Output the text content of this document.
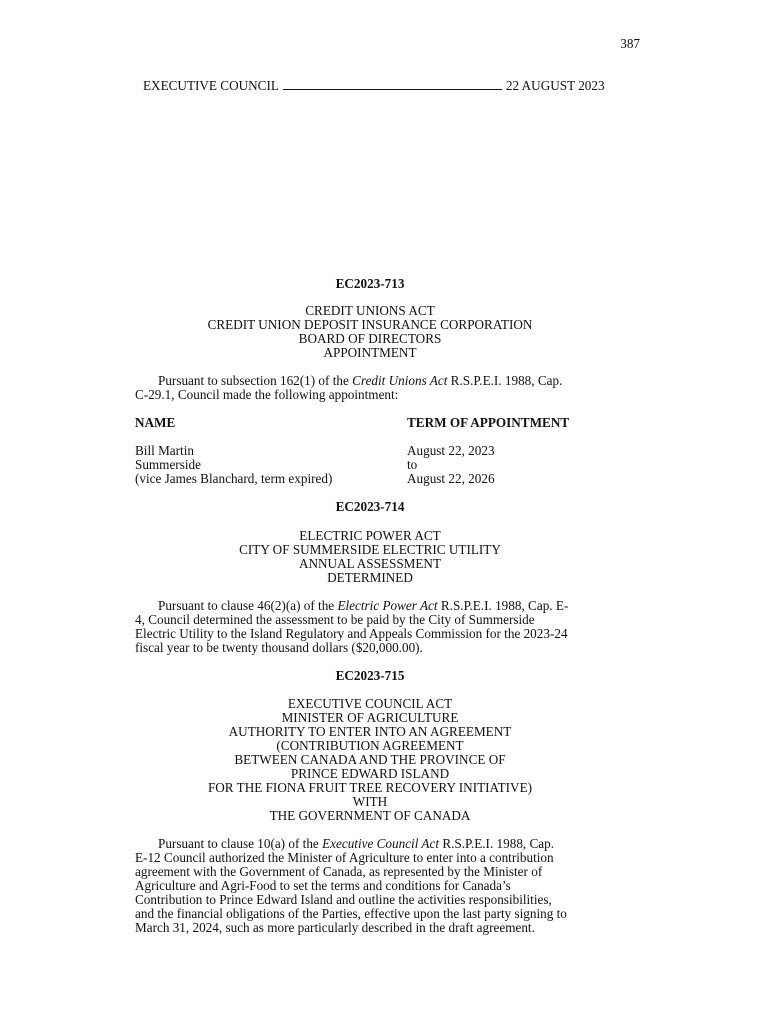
387
EXECUTIVE COUNCIL	22 AUGUST 2023
EC2023-713
CREDIT UNIONS ACT
CREDIT UNION DEPOSIT INSURANCE CORPORATION
BOARD OF DIRECTORS
APPOINTMENT
Pursuant to subsection 162(1) of the Credit Unions Act R.S.P.E.I. 1988, Cap.
C-29.1, Council made the following appointment:
NAME	TERM OF APPOINTMENT
Bill Martin
Summerside
(vice James Blanchard, term expired)
August 22, 2023
to
August 22, 2026
EC2023-714
ELECTRIC POWER ACT
CITY OF SUMMERSIDE ELECTRIC UTILITY
ANNUAL ASSESSMENT
DETERMINED
Pursuant to clause 46(2)(a) of the Electric Power Act R.S.P.E.I. 1988, Cap. E-
4, Council determined the assessment to be paid by the City of Summerside
Electric Utility to the Island Regulatory and Appeals Commission for the 2023-24
fiscal year to be twenty thousand dollars ($20,000.00).
EC2023-715
EXECUTIVE COUNCIL ACT
MINISTER OF AGRICULTURE
AUTHORITY TO ENTER INTO AN AGREEMENT
(CONTRIBUTION AGREEMENT
BETWEEN CANADA AND THE PROVINCE OF
PRINCE EDWARD ISLAND
FOR THE FIONA FRUIT TREE RECOVERY INITIATIVE)
WITH
THE GOVERNMENT OF CANADA
Pursuant to clause 10(a) of the Executive Council Act R.S.P.E.I. 1988, Cap.
E-12 Council authorized the Minister of Agriculture to enter into a contribution
agreement with the Government of Canada, as represented by the Minister of
Agriculture and Agri-Food to set the terms and conditions for Canada’s
Contribution to Prince Edward Island and outline the activities responsibilities,
and the financial obligations of the Parties, effective upon the last party signing to
March 31, 2024, such as more particularly described in the draft agreement.
